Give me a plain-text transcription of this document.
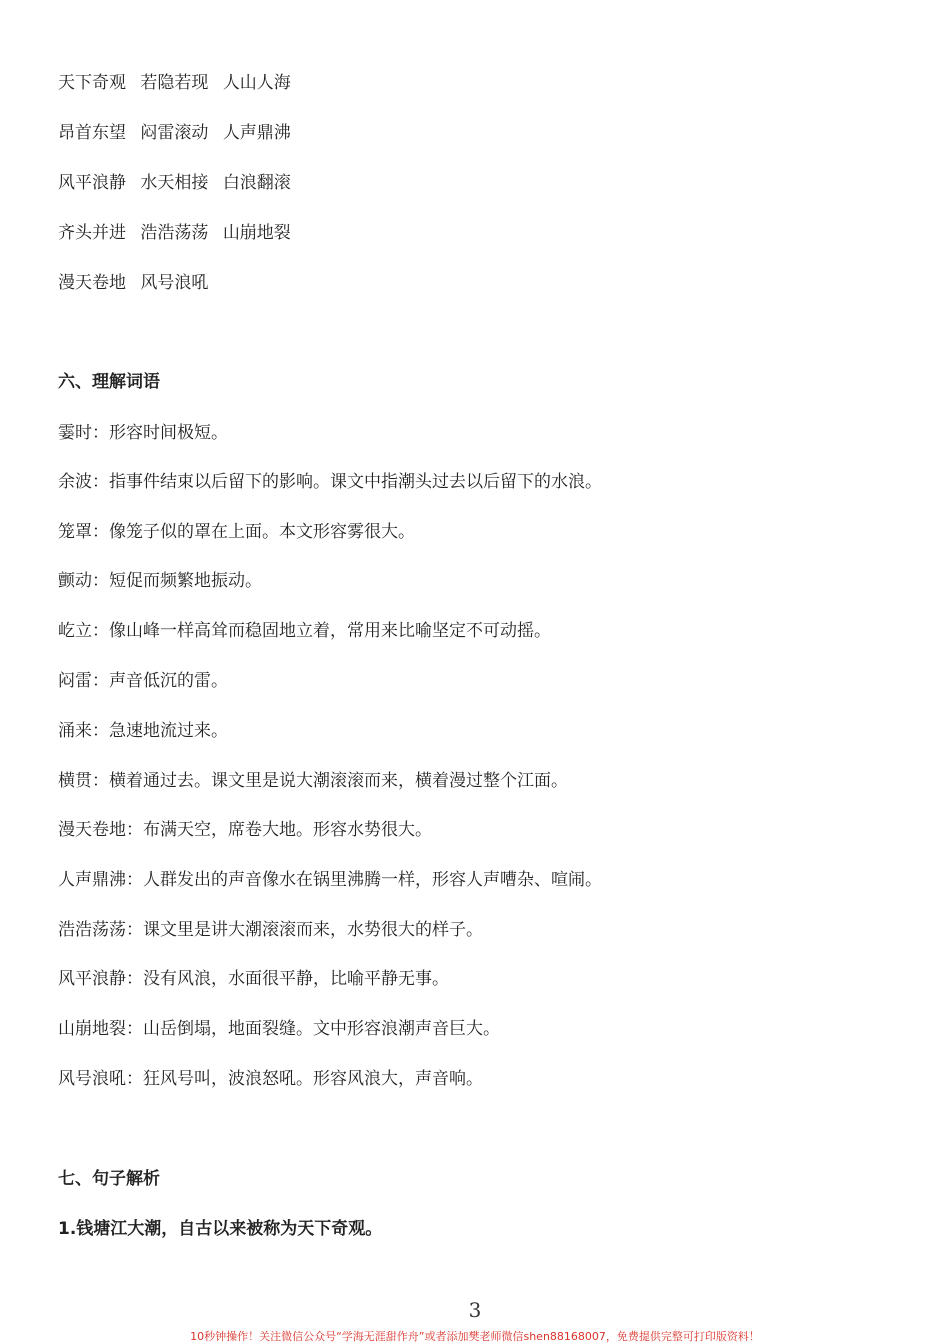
天下奇观 若隐若现 人山人海
昂首东望 闷雷滚动 人声鼎沸
风平浪静 水天相接 白浪翻滚
齐头并进 浩浩荡荡 山崩地裂
漫天卷地 风号浪吼
六、理解词语
霎时：形容时间极短。
余波：指事件结束以后留下的影响。课文中指潮头过去以后留下的水浪。
笼罩：像笼子似的罩在上面。本文形容雾很大。
颤动：短促而频繁地振动。
屹立：像山峰一样高耸而稳固地立着，常用来比喻坚定不可动摇。
闷雷：声音低沉的雷。
涌来：急速地流过来。
横贯：横着通过去。课文里是说大潮滚滚而来，横着漫过整个江面。
漫天卷地：布满天空，席卷大地。形容水势很大。
人声鼎沸：人群发出的声音像水在锅里沸腾一样，形容人声嘈杂、喧闹。
浩浩荡荡：课文里是讲大潮滚滚而来，水势很大的样子。
风平浪静：没有风浪，水面很平静，比喻平静无事。
山崩地裂：山岳倒塌，地面裂缝。文中形容浪潮声音巨大。
风号浪吼：狂风号叫，波浪怒吼。形容风浪大，声音响。
七、句子解析
1.钱塘江大潮，自古以来被称为天下奇观。
3
10秒钟操作！关注微信公众号“学海无涯甜作舟”或者添加樊老师微信shen88168007，免费提供完整可打印版资料！
